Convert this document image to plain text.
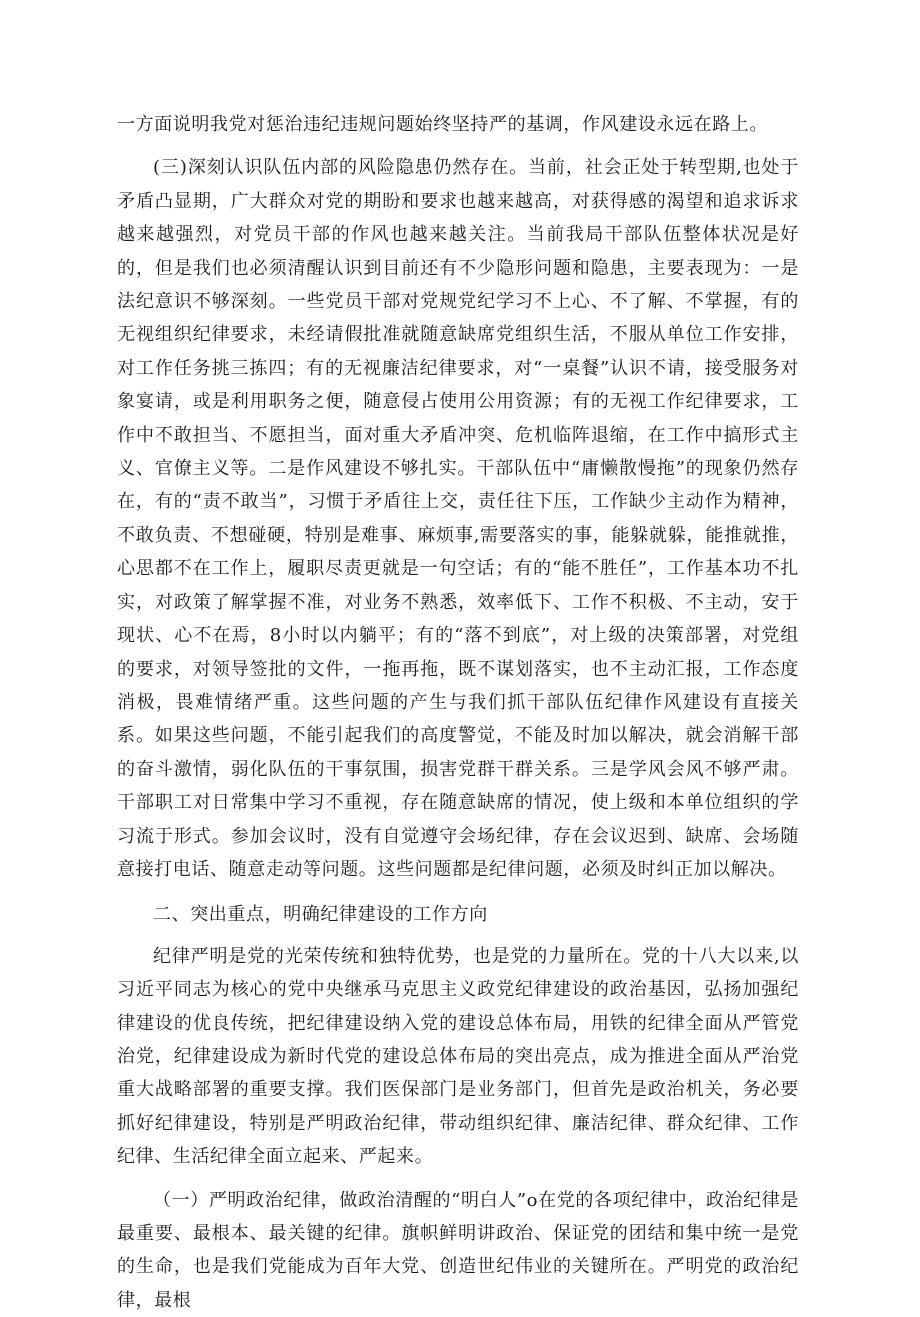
一方面说明我党对惩治违纪违规问题始终坚持严的基调，作风建设永远在路上。

(三)深刻认识队伍内部的风险隐患仍然存在。当前，社会正处于转型期,也处于矛盾凸显期，广大群众对党的期盼和要求也越来越高，对获得感的渴望和追求诉求越来越强烈，对党员干部的作风也越来越关注。当前我局干部队伍整体状况是好的，但是我们也必须清醒认识到目前还有不少隐形问题和隐患，主要表现为：一是法纪意识不够深刻。一些党员干部对党规党纪学习不上心、不了解、不掌握，有的无视组织纪律要求，未经请假批准就随意缺席党组织生活，不服从单位工作安排，对工作任务挑三拣四；有的无视廉洁纪律要求，对“一桌餐”认识不请，接受服务对象宴请，或是利用职务之便，随意侵占使用公用资源；有的无视工作纪律要求，工作中不敢担当、不愿担当，面对重大矛盾冲突、危机临阵退缩，在工作中搞形式主义、官僚主义等。二是作风建设不够扎实。干部队伍中“庸懒散慢拖”的现象仍然存在，有的“责不敢当”，习惯于矛盾往上交，责任往下压，工作缺少主动作为精神，不敢负责、不想碰硬，特别是难事、麻烦事,需要落实的事，能躲就躲，能推就推，心思都不在工作上，履职尽责更就是一句空话；有的“能不胜任”，工作基本功不扎实，对政策了解掌握不准，对业务不熟悉，效率低下、工作不积极、不主动，安于现状、心不在焉，8小时以内躺平；有的“落不到底”，对上级的决策部署，对党组的要求，对领导签批的文件，一拖再拖，既不谋划落实，也不主动汇报，工作态度消极，畏难情绪严重。这些问题的产生与我们抓干部队伍纪律作风建设有直接关系。如果这些问题，不能引起我们的高度警觉，不能及时加以解决，就会消解干部的奋斗激情，弱化队伍的干事氛围，损害党群干群关系。三是学风会风不够严肃。干部职工对日常集中学习不重视，存在随意缺席的情况，使上级和本单位组织的学习流于形式。参加会议时，没有自觉遵守会场纪律，存在会议迟到、缺席、会场随意接打电话、随意走动等问题。这些问题都是纪律问题，必须及时纠正加以解决。

二、突出重点，明确纪律建设的工作方向

纪律严明是党的光荣传统和独特优势，也是党的力量所在。党的十八大以来,以习近平同志为核心的党中央继承马克思主义政党纪律建设的政治基因，弘扬加强纪律建设的优良传统，把纪律建设纳入党的建设总体布局，用铁的纪律全面从严管党治党，纪律建设成为新时代党的建设总体布局的突出亮点，成为推进全面从严治党重大战略部署的重要支撑。我们医保部门是业务部门，但首先是政治机关，务必要抓好纪律建设，特别是严明政治纪律，带动组织纪律、廉洁纪律、群众纪律、工作纪律、生活纪律全面立起来、严起来。

（一）严明政治纪律，做政治清醒的“明白人”o在党的各项纪律中，政治纪律是最重要、最根本、最关键的纪律。旗帜鲜明讲政治、保证党的团结和集中统一是党的生命，也是我们党能成为百年大党、创造世纪伟业的关键所在。严明党的政治纪律，最根
